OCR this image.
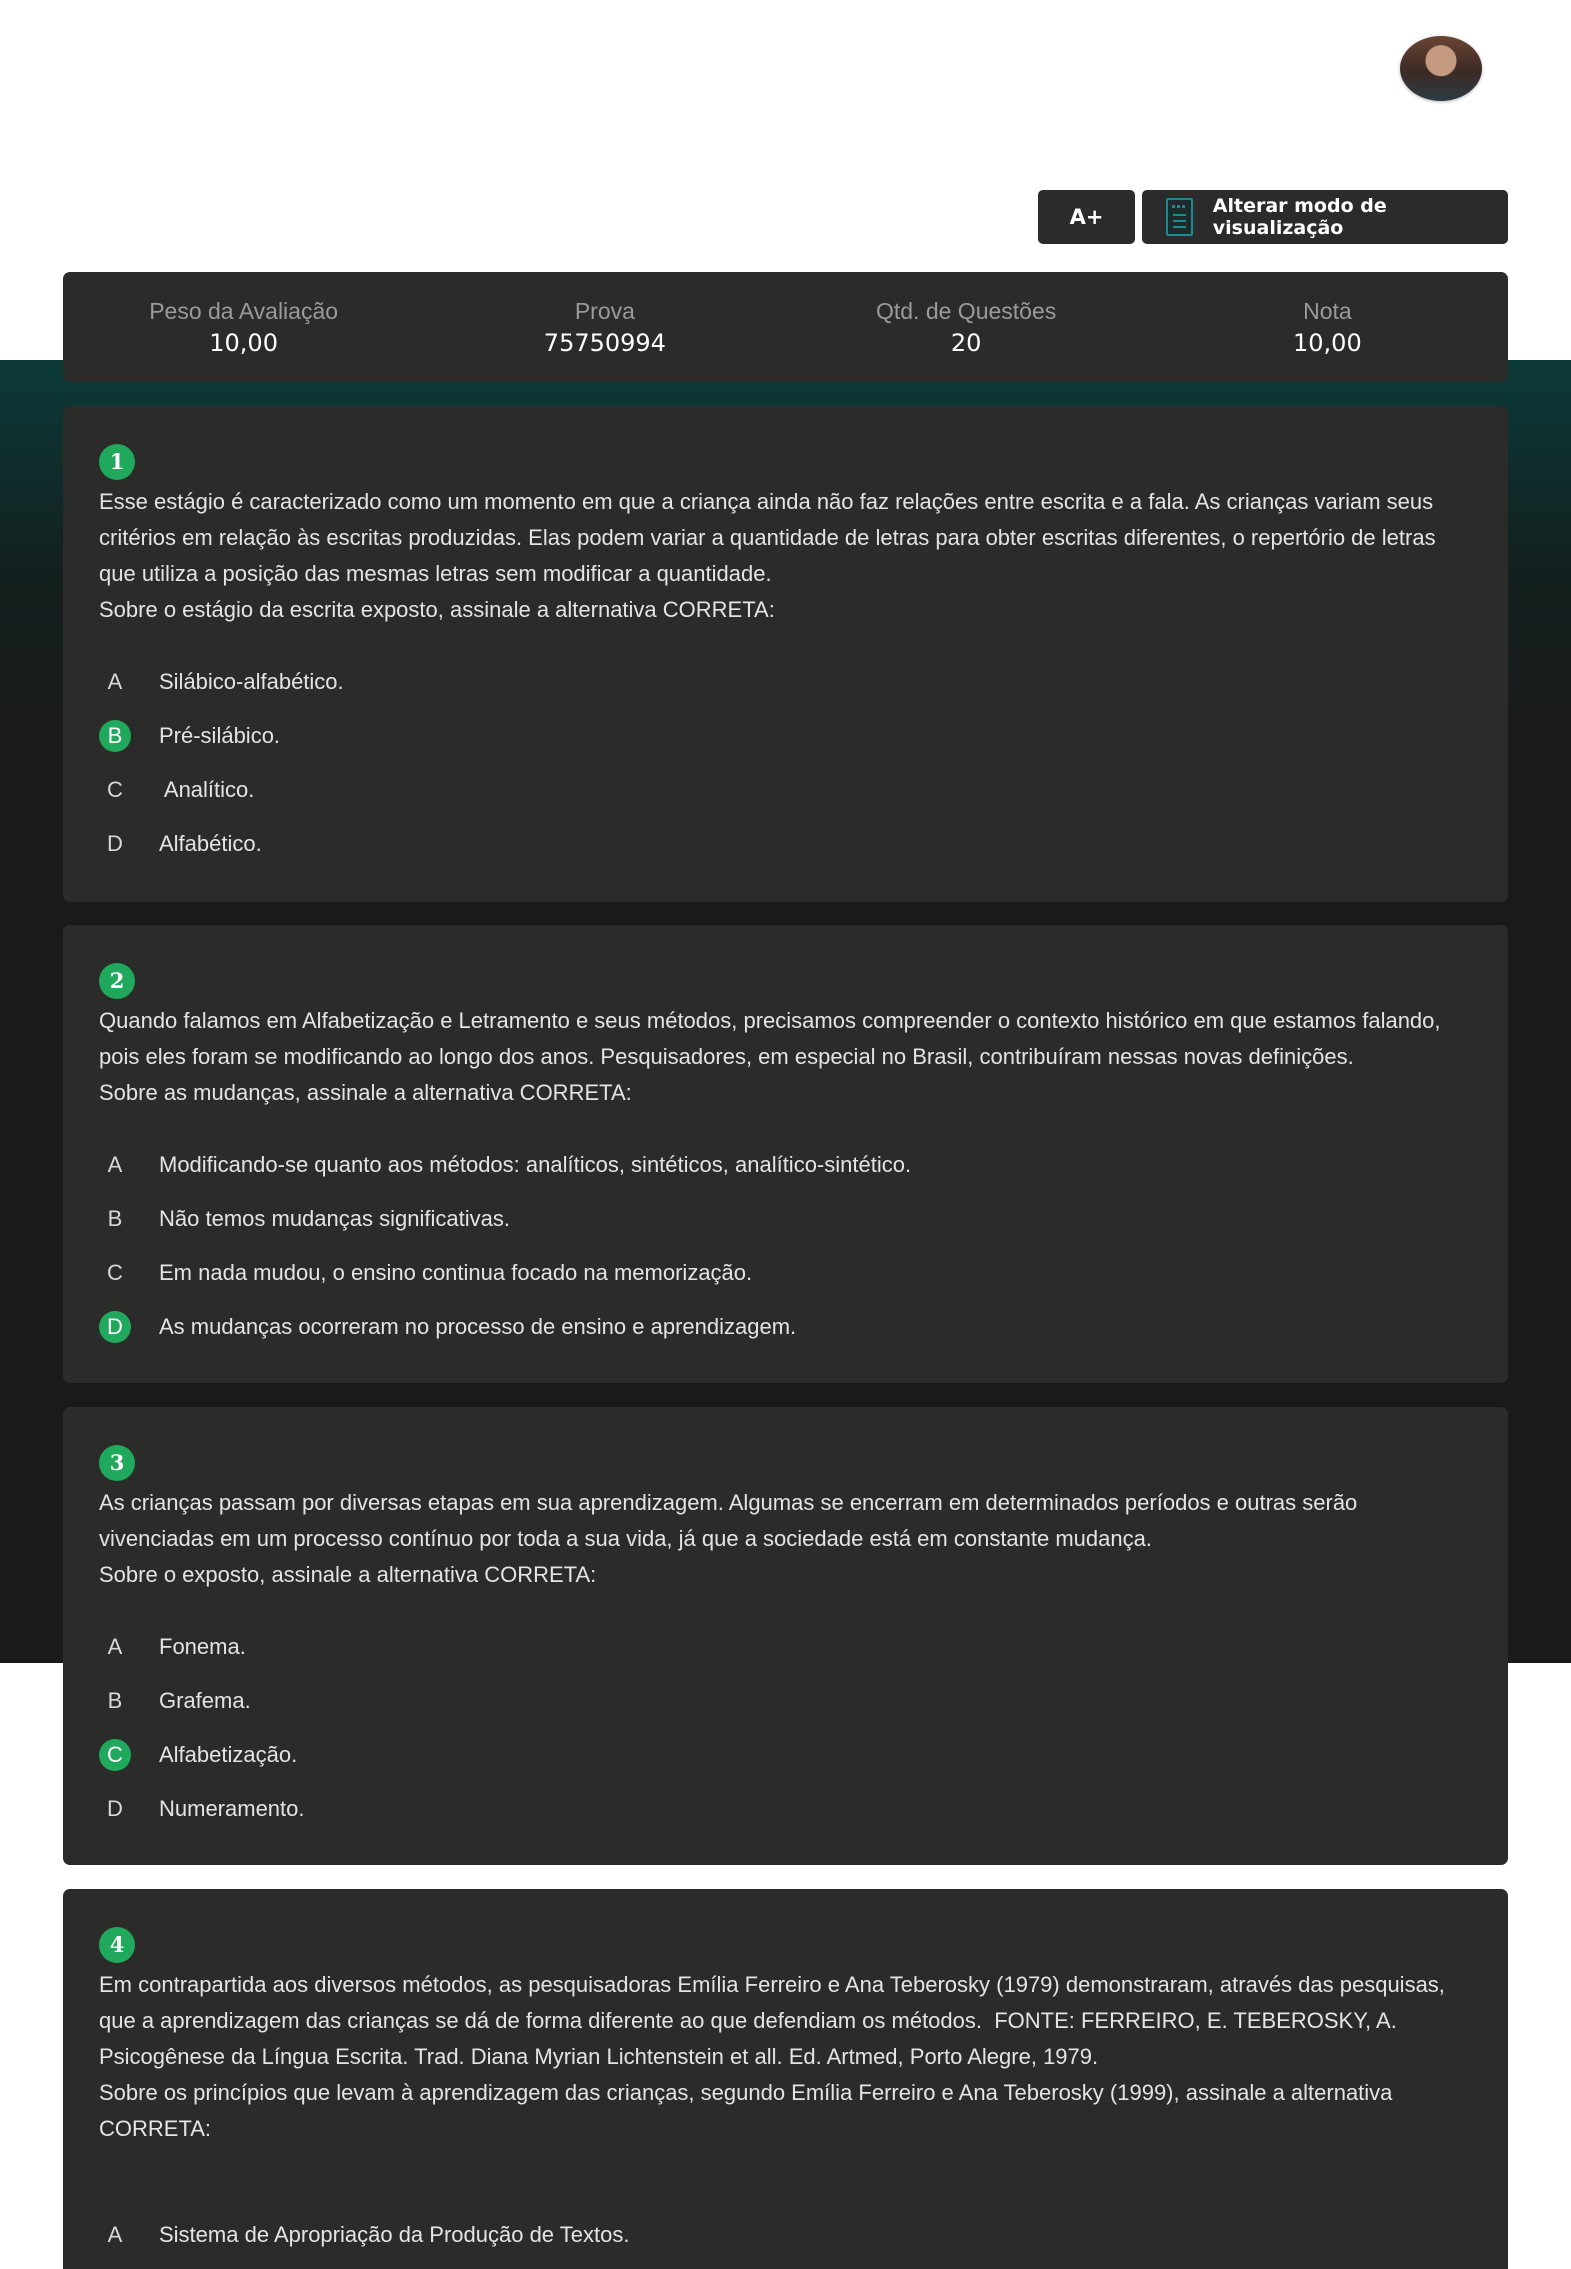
A+	Alterar modo de visualização
Peso da Avaliação
10,00
Prova
75750994
Qtd. de Questões
20
Nota
10,00
1
Esse estágio é caracterizado como um momento em que a criança ainda não faz relações entre escrita e a fala. As crianças variam seus critérios em relação às escritas produzidas. Elas podem variar a quantidade de letras para obter escritas diferentes, o repertório de letras que utiliza a posição das mesmas letras sem modificar a quantidade.
Sobre o estágio da escrita exposto, assinale a alternativa CORRETA:
A	Silábico-alfabético.
B	Pré-silábico.
C	Analítico.
D	Alfabético.
2
Quando falamos em Alfabetização e Letramento e seus métodos, precisamos compreender o contexto histórico em que estamos falando, pois eles foram se modificando ao longo dos anos. Pesquisadores, em especial no Brasil, contribuíram nessas novas definições.
Sobre as mudanças, assinale a alternativa CORRETA:
A	Modificando-se quanto aos métodos: analíticos, sintéticos, analítico-sintético.
B	Não temos mudanças significativas.
C	Em nada mudou, o ensino continua focado na memorização.
D	As mudanças ocorreram no processo de ensino e aprendizagem.
3
As crianças passam por diversas etapas em sua aprendizagem. Algumas se encerram em determinados períodos e outras serão vivenciadas em um processo contínuo por toda a sua vida, já que a sociedade está em constante mudança.
Sobre o exposto, assinale a alternativa CORRETA:
A	Fonema.
B	Grafema.
C	Alfabetização.
D	Numeramento.
4
Em contrapartida aos diversos métodos, as pesquisadoras Emília Ferreiro e Ana Teberosky (1979) demonstraram, através das pesquisas, que a aprendizagem das crianças se dá de forma diferente ao que defendiam os métodos.  FONTE: FERREIRO, E. TEBEROSKY, A. Psicogênese da Língua Escrita. Trad. Diana Myrian Lichtenstein et all. Ed. Artmed, Porto Alegre, 1979.
Sobre os princípios que levam à aprendizagem das crianças, segundo Emília Ferreiro e Ana Teberosky (1999), assinale a alternativa CORRETA:
A	Sistema de Apropriação da Produção de Textos.
